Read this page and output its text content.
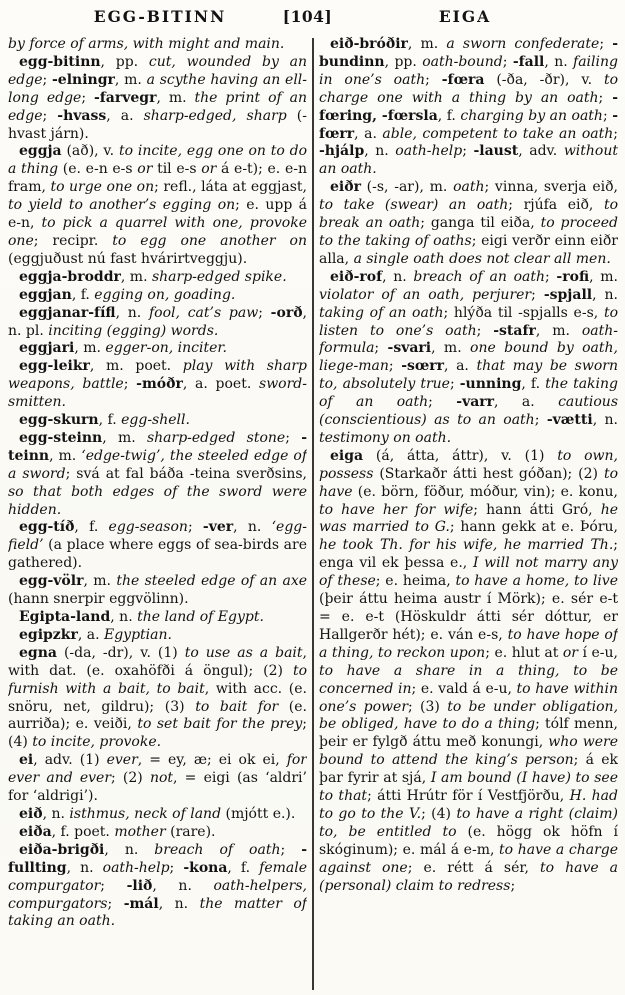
EGG-BITINN	[104]	EIGA

by force of arms, with might and main.

egg-bitinn, pp. cut, wounded by an edge; -elningr, m. a scythe having an ell-long edge; -farvegr, m. the print of an edge; -hvass, a. sharp-edged, sharp (-hvast járn).

eggja (að), v. to incite, egg one on to do a thing (e. e-n e-s or til e-s or á e-t); e. e-n fram, to urge one on; refl., láta at eggjast, to yield to another’s egging on; e. upp á e-n, to pick a quarrel with one, provoke one; recipr. to egg one another on (eggjuðust nú fast hvárirtveggju).

eggja-broddr, m. sharp-edged spike.

eggjan, f. egging on, goading.

eggjanar-fífl, n. fool, cat’s paw; -orð, n. pl. inciting (egging) words.

eggjari, m. egger-on, inciter.

egg-leikr, m. poet. play with sharp weapons, battle; -móðr, a. poet. sword-smitten.

egg-skurn, f. egg-shell.

egg-steinn, m. sharp-edged stone; -teinn, m. ‘edge-twig’, the steeled edge of a sword; svá at fal báða -teina sverðsins, so that both edges of the sword were hidden.

egg-tíð, f. egg-season; -ver, n. ‘egg-field’ (a place where eggs of sea-birds are gathered).

egg-völr, m. the steeled edge of an axe (hann snerpir eggvölinn).

Egipta-land, n. the land of Egypt.

egipzkr, a. Egyptian.

egna (-da, -dr), v. (1) to use as a bait, with dat. (e. oxahöfði á öngul); (2) to furnish with a bait, to bait, with acc. (e. snöru, net, gildru); (3) to bait for (e. aurriða); e. veiði, to set bait for the prey; (4) to incite, provoke.

ei, adv. (1) ever, = ey, æ; ei ok ei, for ever and ever; (2) not, = eigi (as ‘aldri’ for ‘aldrigi’).

eið, n. isthmus, neck of land (mjótt e.).

eiða, f. poet. mother (rare).

eiða-brigði, n. breach of oath; -fullting, n. oath-help; -kona, f. female compurgator; -lið, n. oath-helpers, compurgators; -mál, n. the matter of taking an oath.

eið-bróðir, m. a sworn confederate; -bundinn, pp. oath-bound; -fall, n. failing in one’s oath; -fœra (-ða, -ðr), v. to charge one with a thing by an oath; -fœring, -fœrsla, f. charging by an oath; -fœrr, a. able, competent to take an oath; -hjálp, n. oath-help; -laust, adv. without an oath.

eiðr (-s, -ar), m. oath; vinna, sverja eið, to take (swear) an oath; rjúfa eið, to break an oath; ganga til eiða, to proceed to the taking of oaths; eigi verðr einn eiðr alla, a single oath does not clear all men.

eið-rof, n. breach of an oath; -rofi, m. violator of an oath, perjurer; -spjall, n. taking of an oath; hlýða til -spjalls e-s, to listen to one’s oath; -stafr, m. oath-formula; -svari, m. one bound by oath, liege-man; -sœrr, a. that may be sworn to, absolutely true; -unning, f. the taking of an oath; -varr, a. cautious (conscientious) as to an oath; -vætti, n. testimony on oath.

eiga (á, átta, áttr), v. (1) to own, possess (Starkaðr átti hest góðan); (2) to have (e. börn, föður, móður, vin); e. konu, to have her for wife; hann átti Gró, he was married to G.; hann gekk at e. Þóru, he took Th. for his wife, he married Th.; enga vil ek þessa e., I will not marry any of these; e. heima, to have a home, to live (þeir áttu heima austr í Mörk); e. sér e-t = e. e-t (Höskuldr átti sér dóttur, er Hallgerðr hét); e. ván e-s, to have hope of a thing, to reckon upon; e. hlut at or í e-u, to have a share in a thing, to be concerned in; e. vald á e-u, to have within one’s power; (3) to be under obligation, be obliged, have to do a thing; tólf menn, þeir er fylgð áttu með konungi, who were bound to attend the king’s person; á ek þar fyrir at sjá, I am bound (I have) to see to that; átti Hrútr för í Vestfjörðu, H. had to go to the V.; (4) to have a right (claim) to, be entitled to (e. högg ok höfn í skóginum); e. mál á e-m, to have a charge against one; e. rétt á sér, to have a (personal) claim to redress;
